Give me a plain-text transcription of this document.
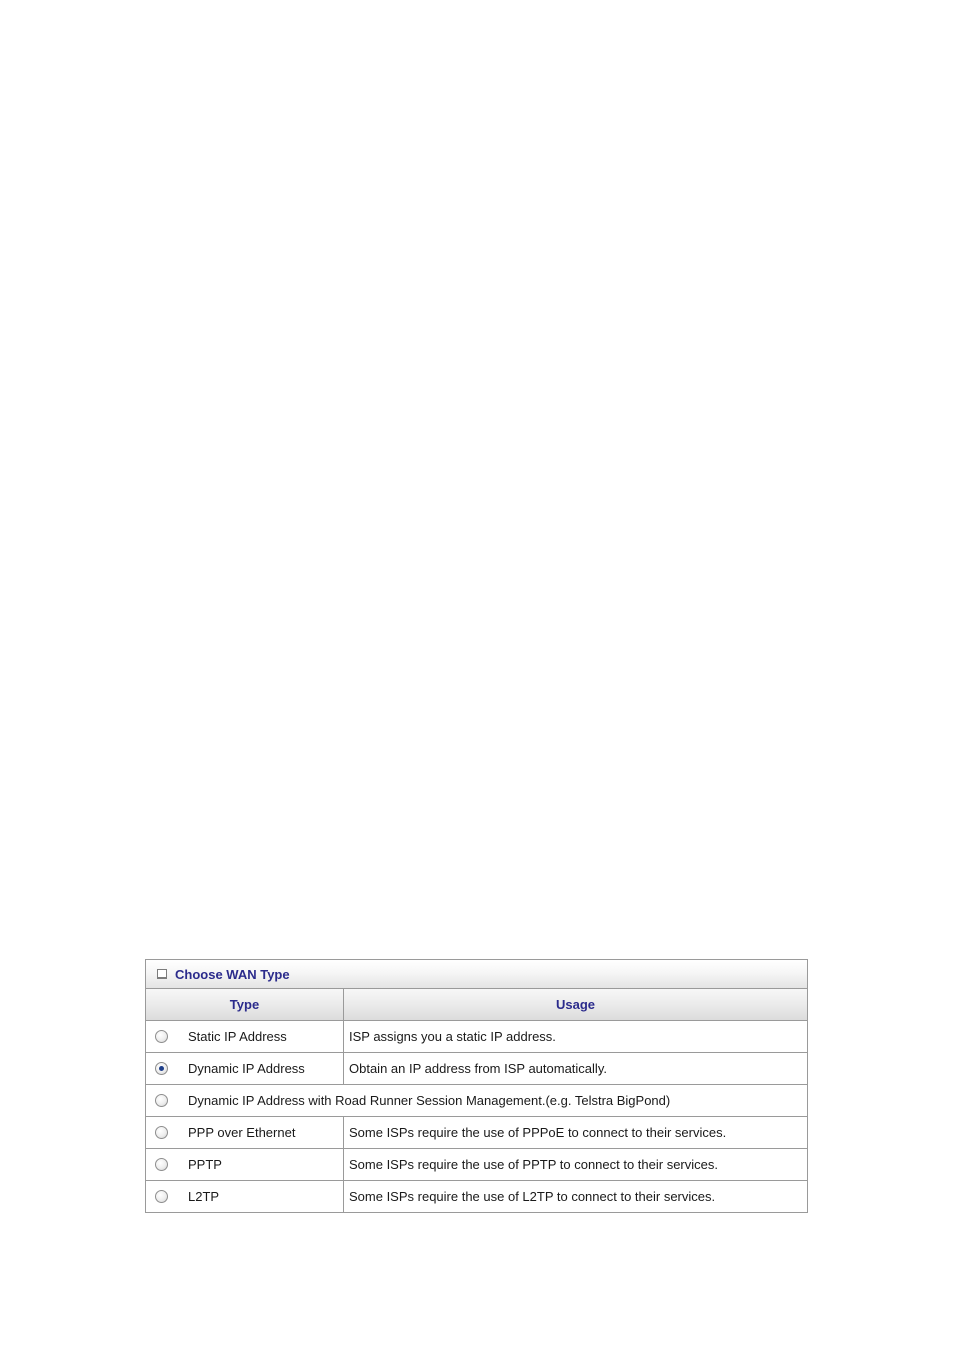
Choose WAN Type
Type	Usage

Static IP Address	ISP assigns you a static IP address.

Dynamic IP Address	Obtain an IP address from ISP automatically.

Dynamic IP Address with Road Runner Session Management.(e.g. Telstra BigPond)	

PPP over Ethernet	Some ISPs require the use of PPPoE to connect to their services.

PPTP	Some ISPs require the use of PPTP to connect to their services.

L2TP	Some ISPs require the use of L2TP to connect to their services.
